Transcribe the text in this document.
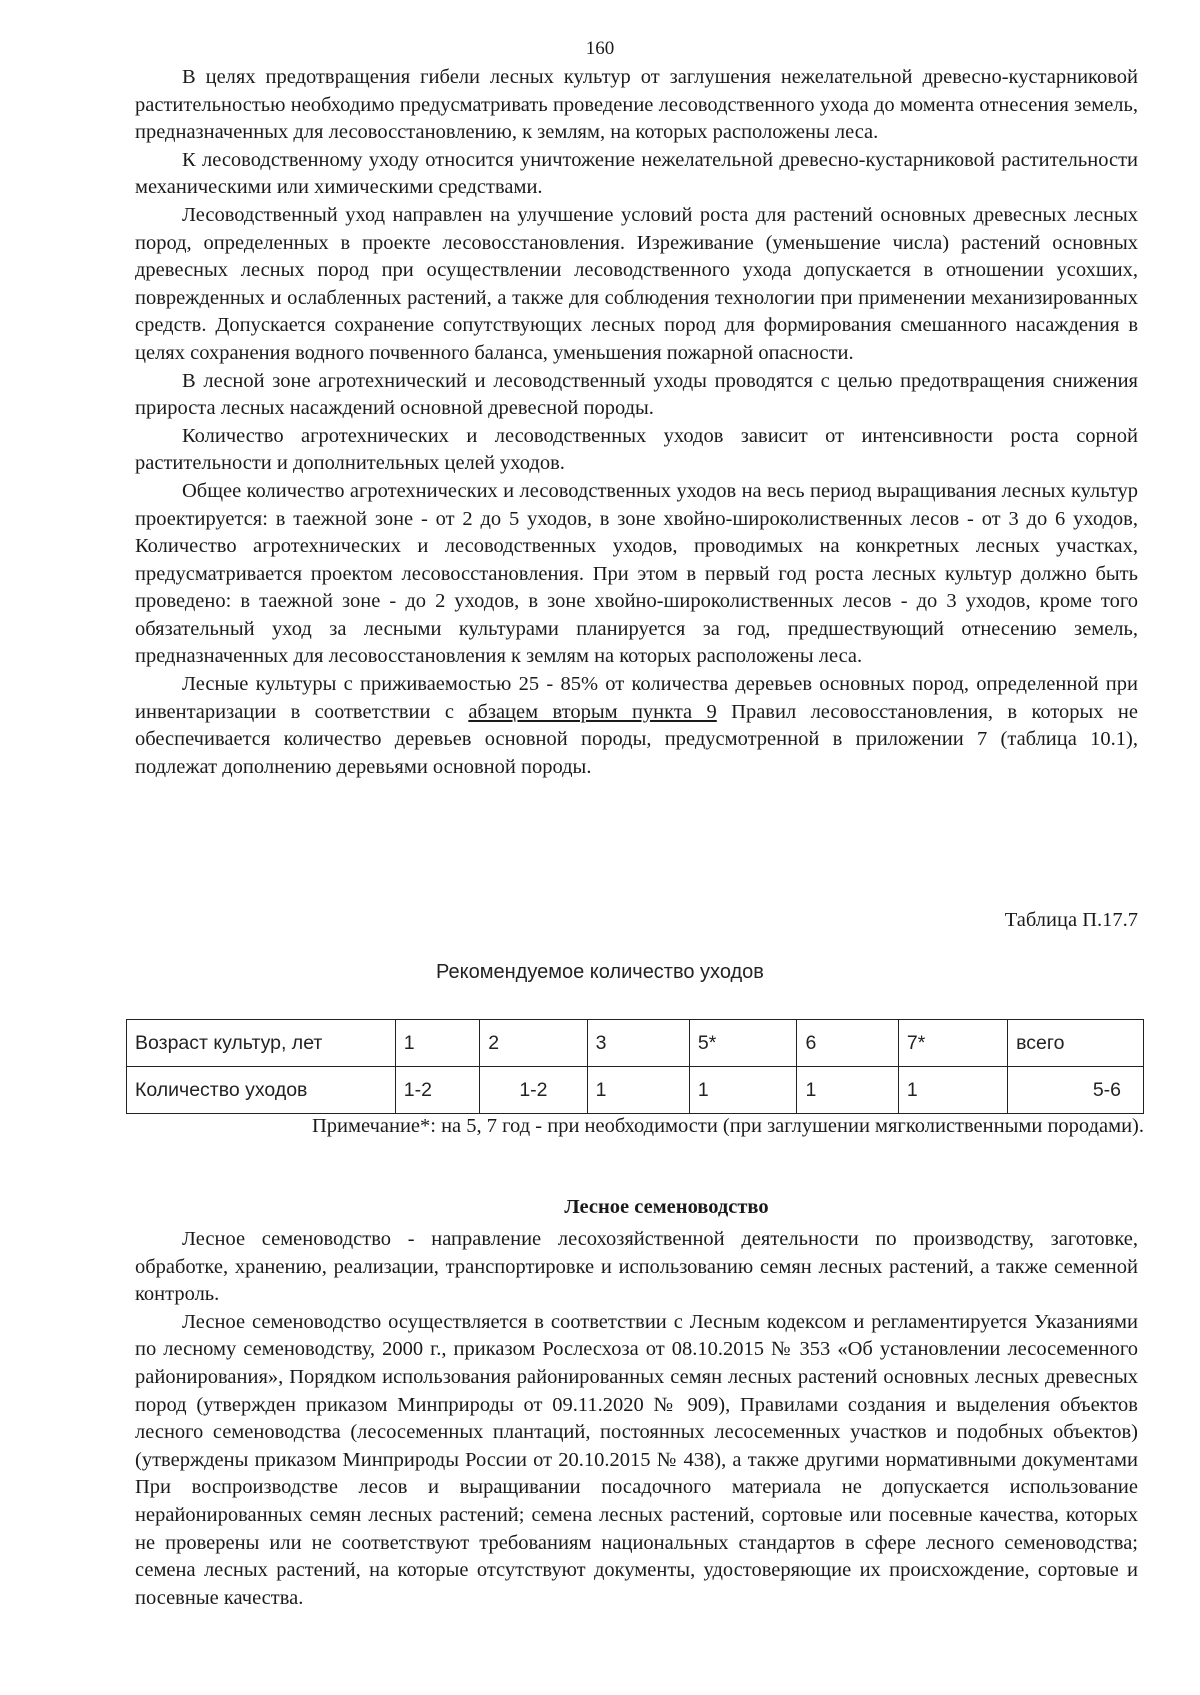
160

В целях предотвращения гибели лесных культур от заглушения нежелательной древесно-кустарниковой растительностью необходимо предусматривать проведение лесоводственного ухода до момента отнесения земель, предназначенных для лесовосстановлению, к землям, на которых расположены леса.

К лесоводственному уходу относится уничтожение нежелательной древесно-кустарниковой растительности механическими или химическими средствами.

Лесоводственный уход направлен на улучшение условий роста для растений основных древесных лесных пород, определенных в проекте лесовосстановления. Изреживание (уменьшение числа) растений основных древесных лесных пород при осуществлении лесоводственного ухода допускается в отношении усохших, поврежденных и ослабленных растений, а также для соблюдения технологии при применении механизированных средств. Допускается сохранение сопутствующих лесных пород для формирования смешанного насаждения в целях сохранения водного почвенного баланса, уменьшения пожарной опасности.

В лесной зоне агротехнический и лесоводственный уходы проводятся с целью предотвращения снижения прироста лесных насаждений основной древесной породы.

Количество агротехнических и лесоводственных уходов зависит от интенсивности роста сорной растительности и дополнительных целей уходов.

Общее количество агротехнических и лесоводственных уходов на весь период выращивания лесных культур проектируется: в таежной зоне - от 2 до 5 уходов, в зоне хвойно-широколиственных лесов - от 3 до 6 уходов, Количество агротехнических и лесоводственных уходов, проводимых на конкретных лесных участках, предусматривается проектом лесовосстановления. При этом в первый год роста лесных культур должно быть проведено: в таежной зоне - до 2 уходов, в зоне хвойно-широколиственных лесов - до 3 уходов, кроме того обязательный уход за лесными культурами планируется за год, предшествующий отнесению земель, предназначенных для лесовосстановления к землям на которых расположены леса.

Лесные культуры с приживаемостью 25 - 85% от количества деревьев основных пород, определенной при инвентаризации в соответствии с абзацем вторым пункта 9 Правил лесовосстановления, в которых не обеспечивается количество деревьев основной породы, предусмотренной в приложении 7 (таблица 10.1), подлежат дополнению деревьями основной породы.

Таблица П.17.7
Рекомендуемое количество уходов
Возраст культур, лет	1	2	3	5*	6	7*	всего
Количество уходов	1-2	1-2	1	1	1	1	5-6
Примечание*: на 5, 7 год - при необходимости (при заглушении мягколиственными породами).
Лесное семеноводство

Лесное семеноводство - направление лесохозяйственной деятельности по производству, заготовке, обработке, хранению, реализации, транспортировке и использованию семян лесных растений, а также семенной контроль.

Лесное семеноводство осуществляется в соответствии с Лесным кодексом и регламентируется Указаниями по лесному семеноводству, 2000 г., приказом Рослесхоза от 08.10.2015 № 353 «Об установлении лесосеменного районирования», Порядком использования районированных семян лесных растений основных лесных древесных пород (утвержден приказом Минприроды от 09.11.2020 № 909), Правилами создания и выделения объектов лесного семеноводства (лесосеменных плантаций, постоянных лесосеменных участков и подобных объектов) (утверждены приказом Минприроды России от 20.10.2015 № 438), а также другими нормативными документами При воспроизводстве лесов и выращивании посадочного материала не допускается использование нерайонированных семян лесных растений; семена лесных растений, сортовые или посевные качества, которых не проверены или не соответствуют требованиям национальных стандартов в сфере лесного семеноводства; семена лесных растений, на которые отсутствуют документы, удостоверяющие их происхождение, сортовые и посевные качества.
